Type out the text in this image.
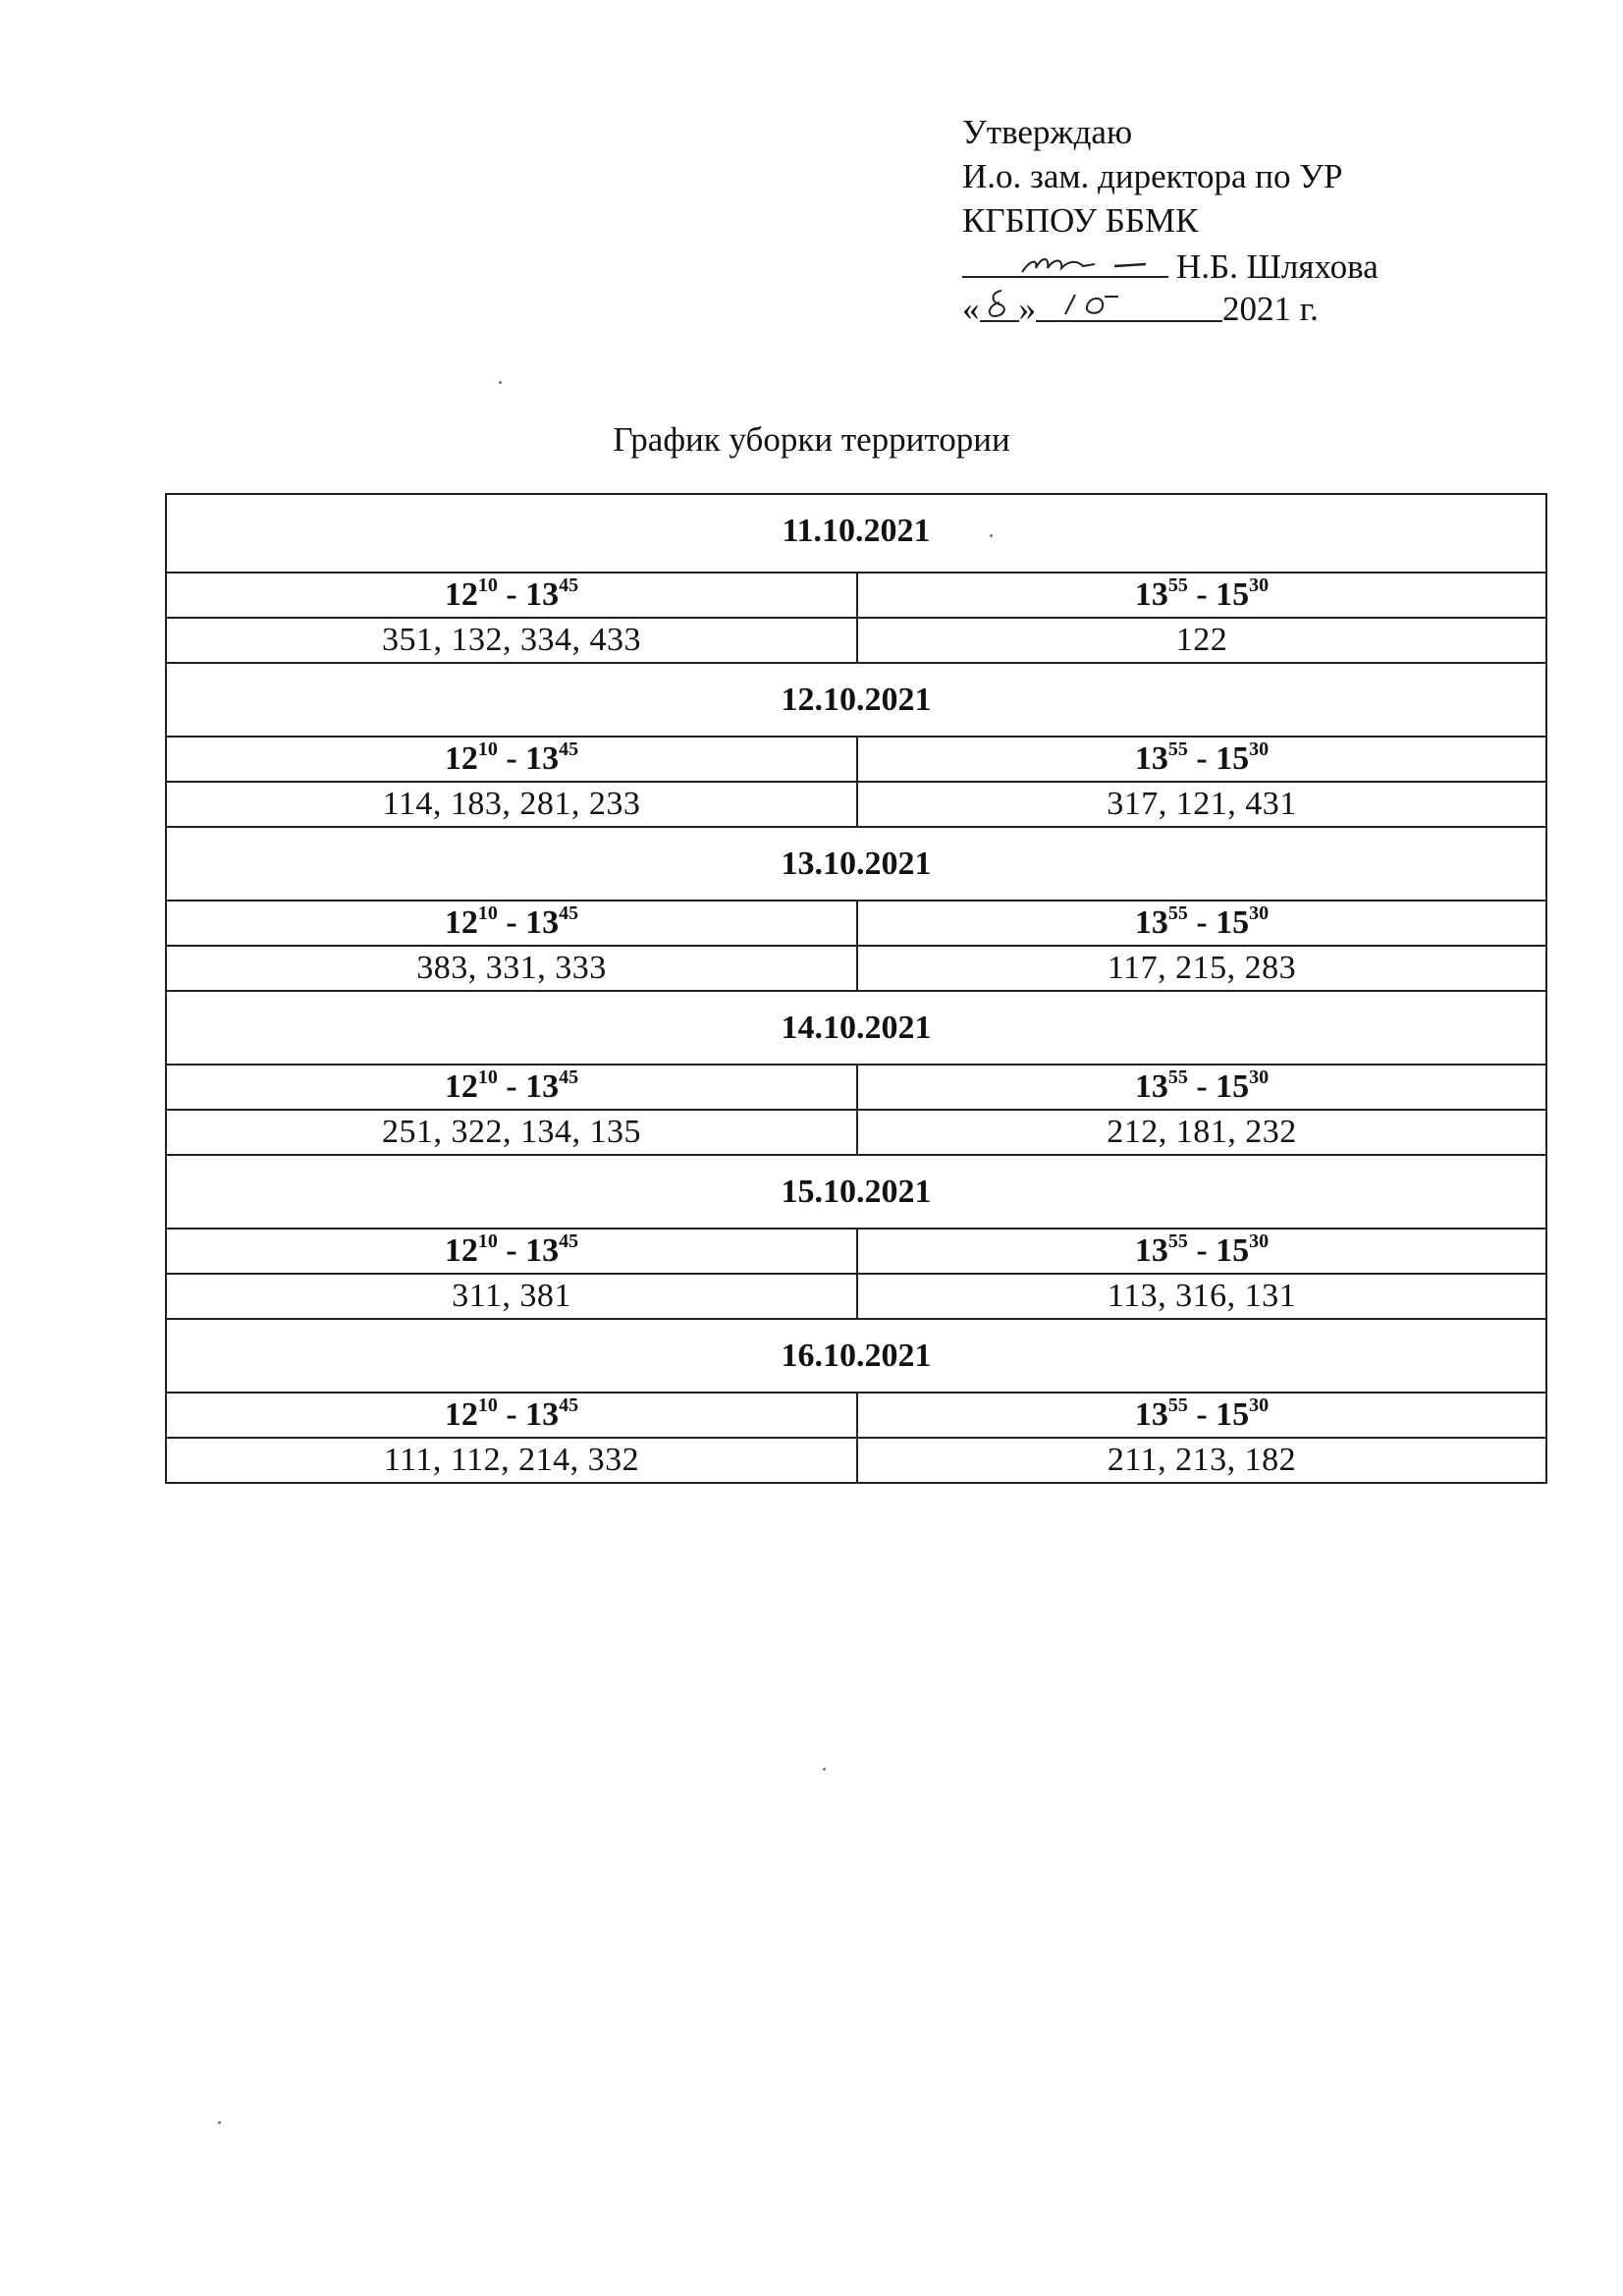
Утверждаю
И.о. зам. директора по УР
КГБПОУ ББМК
Н.Б. Шляхова
« »	2021 г.
График уборки территории
11.10.2021
$12^{10} - 13^{45}$	$13^{55} - 15^{30}$
351, 132, 334, 433	122
12.10.2021
$12^{10} - 13^{45}$	$13^{55} - 15^{30}$
114, 183, 281, 233	317, 121, 431
13.10.2021
$12^{10} - 13^{45}$	$13^{55} - 15^{30}$
383, 331, 333	117, 215, 283
14.10.2021
$12^{10} - 13^{45}$	$13^{55} - 15^{30}$
251, 322, 134, 135	212, 181, 232
15.10.2021
$12^{10} - 13^{45}$	$13^{55} - 15^{30}$
311, 381	113, 316, 131
16.10.2021
$12^{10} - 13^{45}$	$13^{55} - 15^{30}$
111, 112, 214, 332	211, 213, 182
